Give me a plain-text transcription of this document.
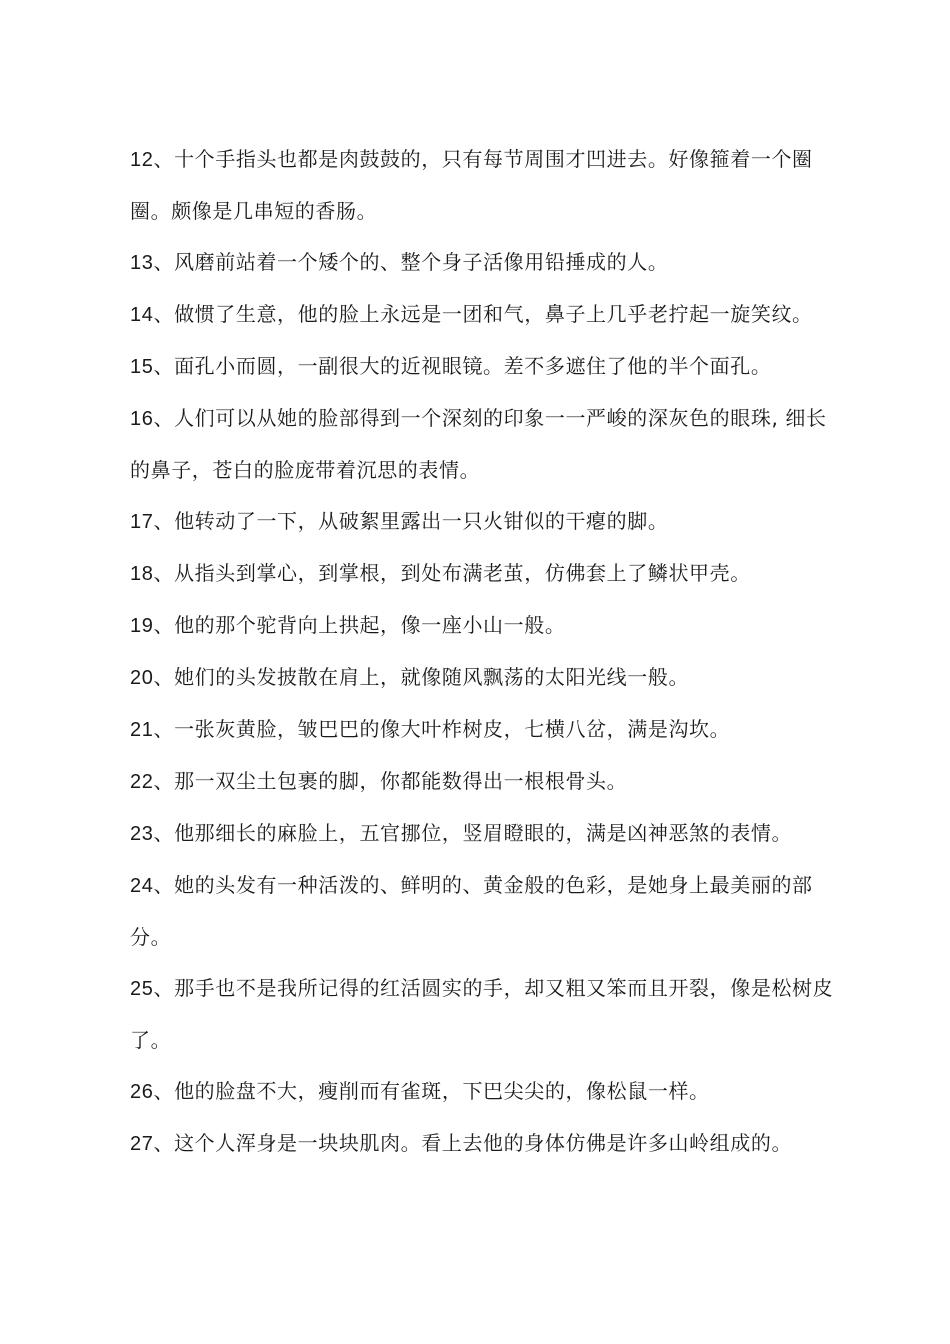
12、十个手指头也都是肉鼓鼓的，只有每节周围才凹进去。好像箍着一个圈圈。颇像是几串短的香肠。

13、风磨前站着一个矮个的、整个身子活像用铅捶成的人。

14、做惯了生意，他的脸上永远是一团和气，鼻子上几乎老拧起一旋笑纹。

15、面孔小而圆，一副很大的近视眼镜。差不多遮住了他的半个面孔。

16、人们可以从她的脸部得到一个深刻的印象一一严峻的深灰色的眼珠, 细长的鼻子，苍白的脸庞带着沉思的表情。

17、他转动了一下，从破絮里露出一只火钳似的干瘪的脚。

18、从指头到掌心，到掌根，到处布满老茧，仿佛套上了鳞状甲壳。

19、他的那个驼背向上拱起，像一座小山一般。

20、她们的头发披散在肩上，就像随风飘荡的太阳光线一般。

21、一张灰黄脸，皱巴巴的像大叶柞树皮，七横八岔，满是沟坎。

22、那一双尘土包裹的脚，你都能数得出一根根骨头。

23、他那细长的麻脸上，五官挪位，竖眉瞪眼的，满是凶神恶煞的表情。

24、她的头发有一种活泼的、鲜明的、黄金般的色彩，是她身上最美丽的部分。

25、那手也不是我所记得的红活圆实的手，却又粗又笨而且开裂，像是松树皮了。

26、他的脸盘不大，瘦削而有雀斑，下巴尖尖的，像松鼠一样。

27、这个人浑身是一块块肌肉。看上去他的身体仿佛是许多山岭组成的。
